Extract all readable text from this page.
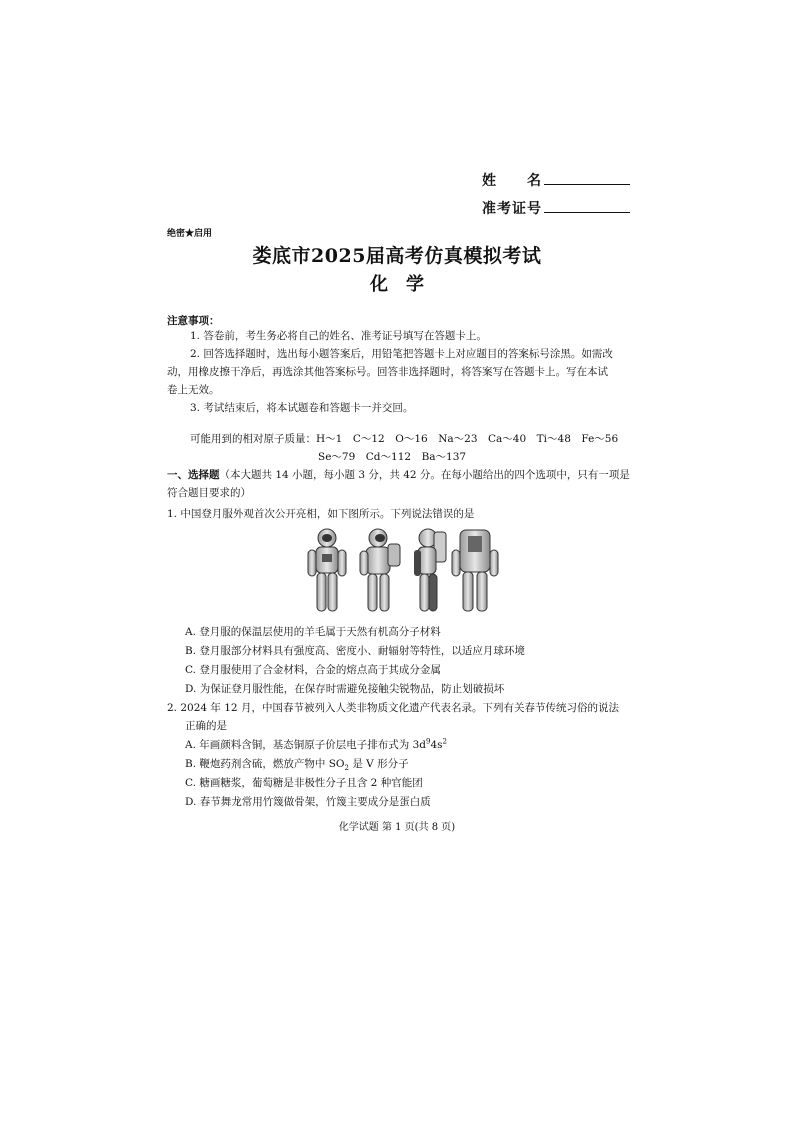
姓　　名
准考证号
绝密★启用
娄底市2025届高考仿真模拟考试
化学
注意事项：
1. 答卷前，考生务必将自己的姓名、准考证号填写在答题卡上。
2. 回答选择题时，选出每小题答案后，用铅笔把答题卡上对应题目的答案标号涂黑。如需改
动，用橡皮擦干净后，再选涂其他答案标号。回答非选择题时，将答案写在答题卡上。写在本试
卷上无效。
3. 考试结束后，将本试题卷和答题卡一并交回。
可能用到的相对原子质量：H～1　C～12　O～16　Na～23　Ca～40　Ti～48　Fe～56
Se～79　Cd～112　Ba～137
一、选择题（本大题共 14 小题，每小题 3 分，共 42 分。在每小题给出的四个选项中，只有一项是
符合题目要求的）
1. 中国登月服外观首次公开亮相，如下图所示。下列说法错误的是
A. 登月服的保温层使用的羊毛属于天然有机高分子材料
B. 登月服部分材料具有强度高、密度小、耐辐射等特性，以适应月球环境
C. 登月服使用了合金材料，合金的熔点高于其成分金属
D. 为保证登月服性能，在保存时需避免接触尖锐物品，防止划破损坏
2. 2024 年 12 月，中国春节被列入人类非物质文化遗产代表名录。下列有关春节传统习俗的说法
正确的是
A. 年画颜料含铜，基态铜原子价层电子排布式为 $3d^94s^2$
B. 鞭炮药剂含硫，燃放产物中 $SO_2$ 是 V 形分子
C. 糖画糖浆，葡萄糖是非极性分子且含 2 种官能团
D. 春节舞龙常用竹篾做骨架，竹篾主要成分是蛋白质
化学试题 第 1 页(共 8 页)
